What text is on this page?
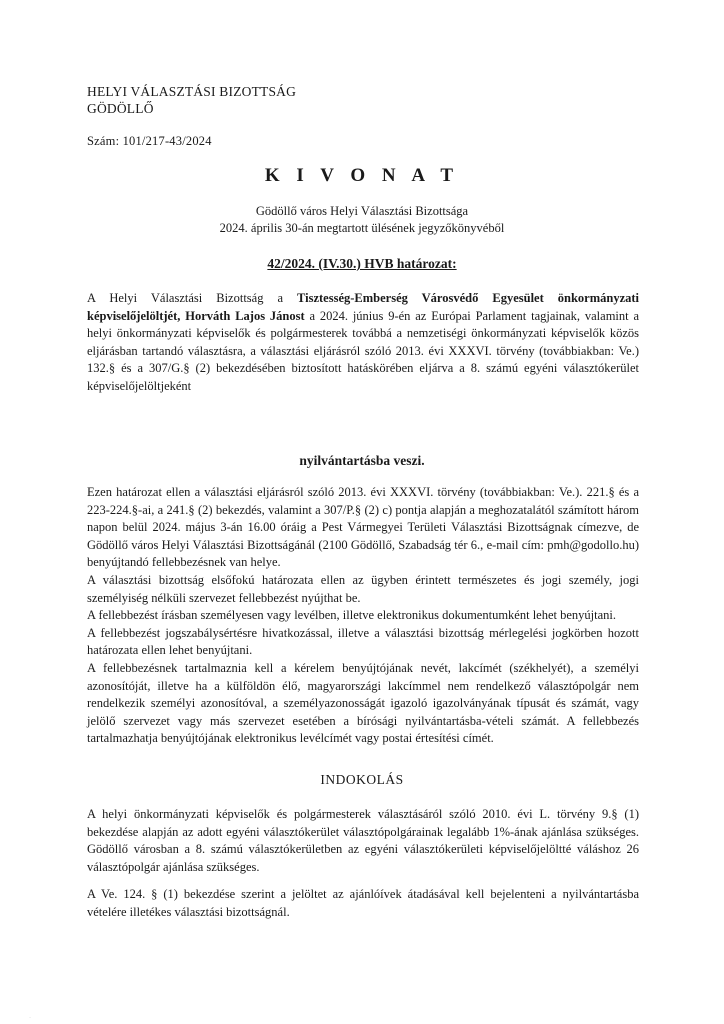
HELYI VÁLASZTÁSI BIZOTTSÁG
GÖDÖLLŐ
Szám: 101/217-43/2024
K I V O N A T
Gödöllő város Helyi Választási Bizottsága
2024. április 30-án megtartott ülésének jegyzőkönyvéből
42/2024. (IV.30.) HVB határozat:

A Helyi Választási Bizottság a Tisztesség-Emberség Városvédő Egyesület önkormányzati képviselőjelöltjét, Horváth Lajos Jánost a 2024. június 9-én az Európai Parlament tagjainak, valamint a helyi önkormányzati képviselők és polgármesterek továbbá a nemzetiségi önkormányzati képviselők közös eljárásban tartandó választásra, a választási eljárásról szóló 2013. évi XXXVI. törvény (továbbiakban: Ve.) 132.§ és a 307/G.§ (2) bekezdésében biztosított hatáskörében eljárva a 8. számú egyéni választókerület képviselőjelöltjeként

nyilvántartásba veszi.

Ezen határozat ellen a választási eljárásról szóló 2013. évi XXXVI. törvény (továbbiakban: Ve.). 221.§ és a 223-224.§-ai, a 241.§ (2) bekezdés, valamint a 307/P.§ (2) c) pontja alapján a meghozatalától számított három napon belül 2024. május 3-án 16.00 óráig a Pest Vármegyei Területi Választási Bizottságnak címezve, de Gödöllő város Helyi Választási Bizottságánál (2100 Gödöllő, Szabadság tér 6., e-mail cím: pmh@godollo.hu) benyújtandó fellebbezésnek van helye.

A választási bizottság elsőfokú határozata ellen az ügyben érintett természetes és jogi személy, jogi személyiség nélküli szervezet fellebbezést nyújthat be.

A fellebbezést írásban személyesen vagy levélben, illetve elektronikus dokumentumként lehet benyújtani.

A fellebbezést jogszabálysértésre hivatkozással, illetve a választási bizottság mérlegelési jogkörben hozott határozata ellen lehet benyújtani.

A fellebbezésnek tartalmaznia kell a kérelem benyújtójának nevét, lakcímét (székhelyét), a személyi azonosítóját, illetve ha a külföldön élő, magyarországi lakcímmel nem rendelkező választópolgár nem rendelkezik személyi azonosítóval, a személyazonosságát igazoló igazolványának típusát és számát, vagy jelölő szervezet vagy más szervezet esetében a bírósági nyilvántartásba-vételi számát. A fellebbezés tartalmazhatja benyújtójának elektronikus levélcímét vagy postai értesítési címét.

INDOKOLÁS
A helyi önkormányzati képviselők és polgármesterek választásáról szóló 2010. évi L. törvény 9.§ (1) bekezdése alapján az adott egyéni választókerület választópolgárainak legalább 1%-ának ajánlása szükséges. Gödöllő városban a 8. számú választókerületben az egyéni választókerületi képviselőjelöltté váláshoz 26 választópolgár ajánlása szükséges.
A Ve. 124. § (1) bekezdése szerint a jelöltet az ajánlóívek átadásával kell bejelenteni a nyilvántartásba vételére illetékes választási bizottságnál.
·
